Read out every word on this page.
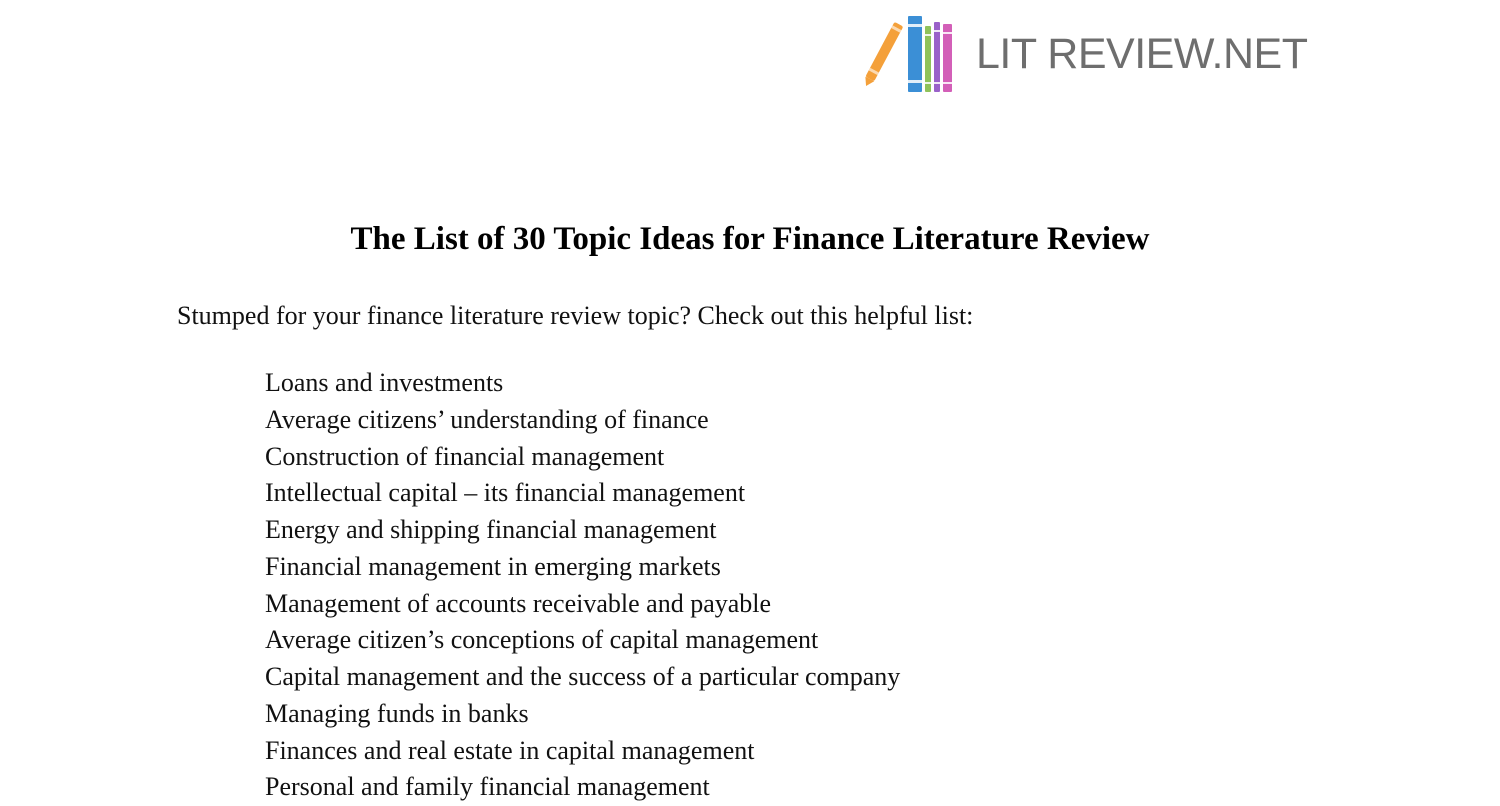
LIT REVIEW.NET
The List of 30 Topic Ideas for Finance Literature Review

Stumped for your finance literature review topic? Check out this helpful list:

Loans and investments
Average citizens’ understanding of finance
Construction of financial management
Intellectual capital – its financial management
Energy and shipping financial management
Financial management in emerging markets
Management of accounts receivable and payable
Average citizen’s conceptions of capital management
Capital management and the success of a particular company
Managing funds in banks
Finances and real estate in capital management
Personal and family financial management
